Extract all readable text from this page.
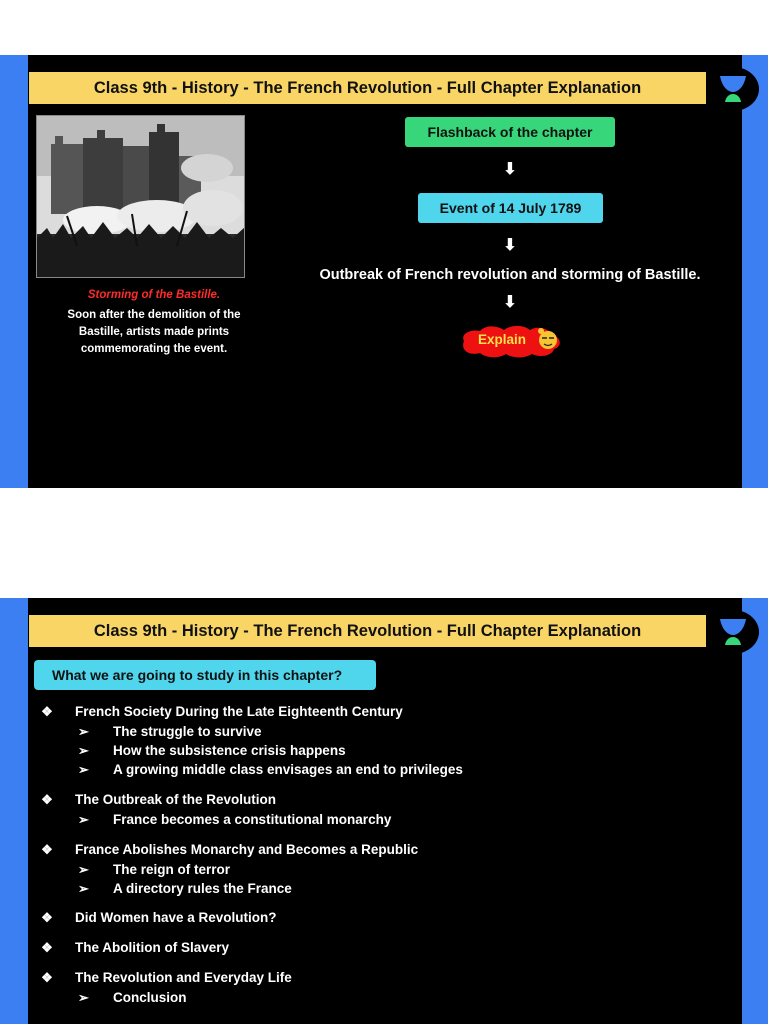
Class 9th - History - The French Revolution - Full Chapter Explanation
Storming of the Bastille.
Soon after the demolition of the
Bastille, artists made prints
commemorating the event.
Flashback of the chapter
⬇
Event of 14 July 1789
⬇
Outbreak of French revolution and storming of Bastille.
⬇
Explain
Class 9th - History - The French Revolution - Full Chapter Explanation
What we are going to study in this chapter?
❖ French Society During the Late Eighteenth Century
➢ The struggle to survive
➢ How the subsistence crisis happens
➢ A growing middle class envisages an end to privileges
❖ The Outbreak of the Revolution
➢ France becomes a constitutional monarchy
❖ France Abolishes Monarchy and Becomes a Republic
➢ The reign of terror
➢ A directory rules the France
❖ Did Women have a Revolution?
❖ The Abolition of Slavery
❖ The Revolution and Everyday Life
➢ Conclusion
